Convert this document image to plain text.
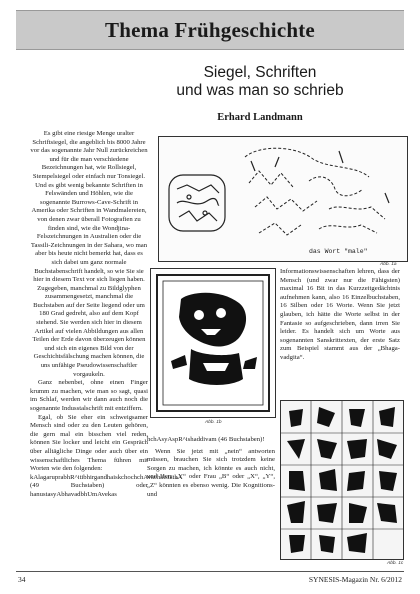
Thema Frühgeschichte
Siegel, Schriften
und was man so schrieb
Erhard Landmann

Es gibt eine riesige Menge uralter Schriftsiegel, die angeblich bis 8000 Jahre vor das sogenannte Jahr Null zurückreichen und für die man verschiedene Bezeichnungen hat, wie Rollsiegel, Stempelsiegel oder einfach nur Tonsiegel. Und es gibt wenig bekannte Schriften in Felswänden und Höhlen, wie die sogenannte Burrows-Cave-Schrift in Amerika oder Schriften in Wandmalereien, von denen zwar überall Fotografien zu finden sind, wie die Wondjina-Felszeichnungen in Australien oder die Tassili-Zeichnungen in der Sahara, wo man aber bis heute nicht bemerkt hat, dass es sich dabei um ganz normale Buchstabenschrift handelt, so wie Sie sie hier in diesem Text vor sich liegen haben. Zugegeben, manchmal zu Bildglyphen zusammengesetzt, manchmal die Buchstaben auf der Seite liegend oder um 180 Grad gedreht, also auf dem Kopf stehend. Sie werden sich hier in diesem Artikel auf vielen Abbildungen aus allen Teilen der Erde davon überzeugen können und sich ein eigenes Bild von der Geschichtsfälschung machen können, die uns unfähige Pseudowissenschaftler vorgaukeln.

Ganz nebenbei, ohne einen Finger krumm zu machen, wie man so sagt, quasi im Schlaf, werden wir dann auch noch die sogenannte Indusstalschrift mit entziffern.

Egal, ob Sie eher ein schweigsamer Mensch sind oder zu den Leuten gehören, die gern mal ein bisschen viel reden, können Sie locker und leicht ein Gespräch über alltägliche Dinge oder auch über ein wissenschaftliches Thema führen mit Worten wie den folgenden:

kAlagaruprabhR^itibhirgandhaiskchochchAvachaistathA (49 Buchstaben) oder hanustasyAbhavadbhUmAvekas

das Wort "male"
Abb. 1a
Abb. 1b

hchAsyAspR^ishaddivam (46 Buchstaben)!

Wenn Sie jetzt mit „nein“ antworten müssen, brauchen Sie sich trotzdem keine Sorgen zu machen, ich könnte es auch nicht, und Herr „Y“ oder Frau „B“ oder „X“, „Y“, „Z“ könnten es ebenso wenig. Die Kognitions- und

Informationswissenschaften lehren, dass der Mensch (und zwar nur die Fähigsten) maximal 16 Bit in das Kurzzeitgedächtnis aufnehmen kann, also 16 Einzelbuchstaben, 16 Silben oder 16 Worte. Wenn Sie jetzt glauben, ich hätte die Worte selbst in der Fantasie so aufgeschrieben, dann irren Sie leider. Es handelt sich um Worte aus sogenannten Sanskrittexten, der erste Satz zum Beispiel stammt aus der „Bhaga-vadgita“.

Abb. 1c
34	SYNESIS-Magazin Nr. 6/2012
